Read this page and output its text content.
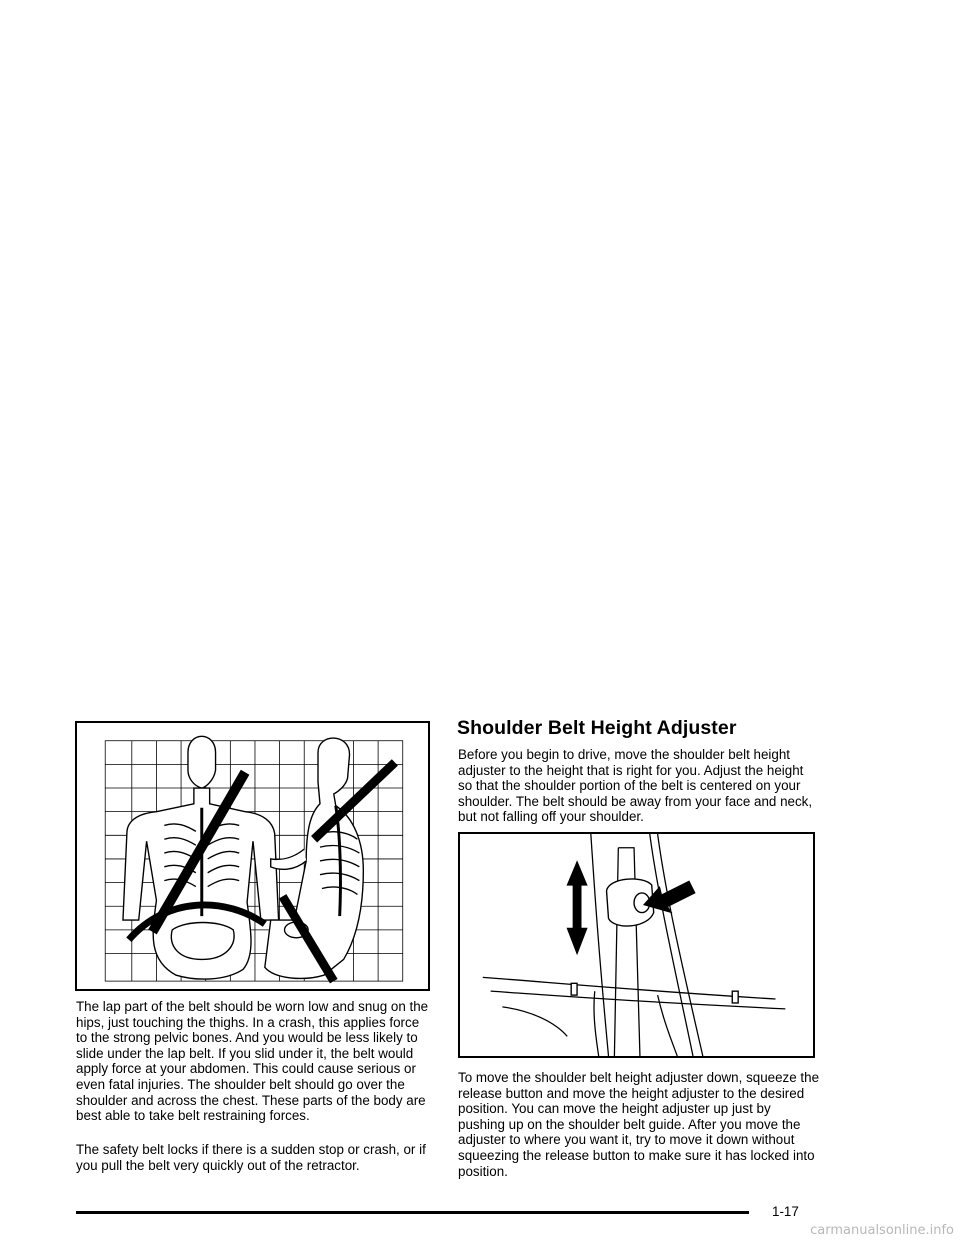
The lap part of the belt should be worn low and snug on the hips, just touching the thighs. In a crash, this applies force to the strong pelvic bones. And you would be less likely to slide under the lap belt. If you slid under it, the belt would apply force at your abdomen. This could cause serious or even fatal injuries. The shoulder belt should go over the shoulder and across the chest. These parts of the body are best able to take belt restraining forces.

The safety belt locks if there is a sudden stop or crash, or if you pull the belt very quickly out of the retractor.

Shoulder Belt Height Adjuster

Before you begin to drive, move the shoulder belt height adjuster to the height that is right for you. Adjust the height so that the shoulder portion of the belt is centered on your shoulder. The belt should be away from your face and neck, but not falling off your shoulder.

To move the shoulder belt height adjuster down, squeeze the release button and move the height adjuster to the desired position. You can move the height adjuster up just by pushing up on the shoulder belt guide. After you move the adjuster to where you want it, try to move it down without squeezing the release button to make sure it has locked into position.

1-17
carmanualsonline.info
